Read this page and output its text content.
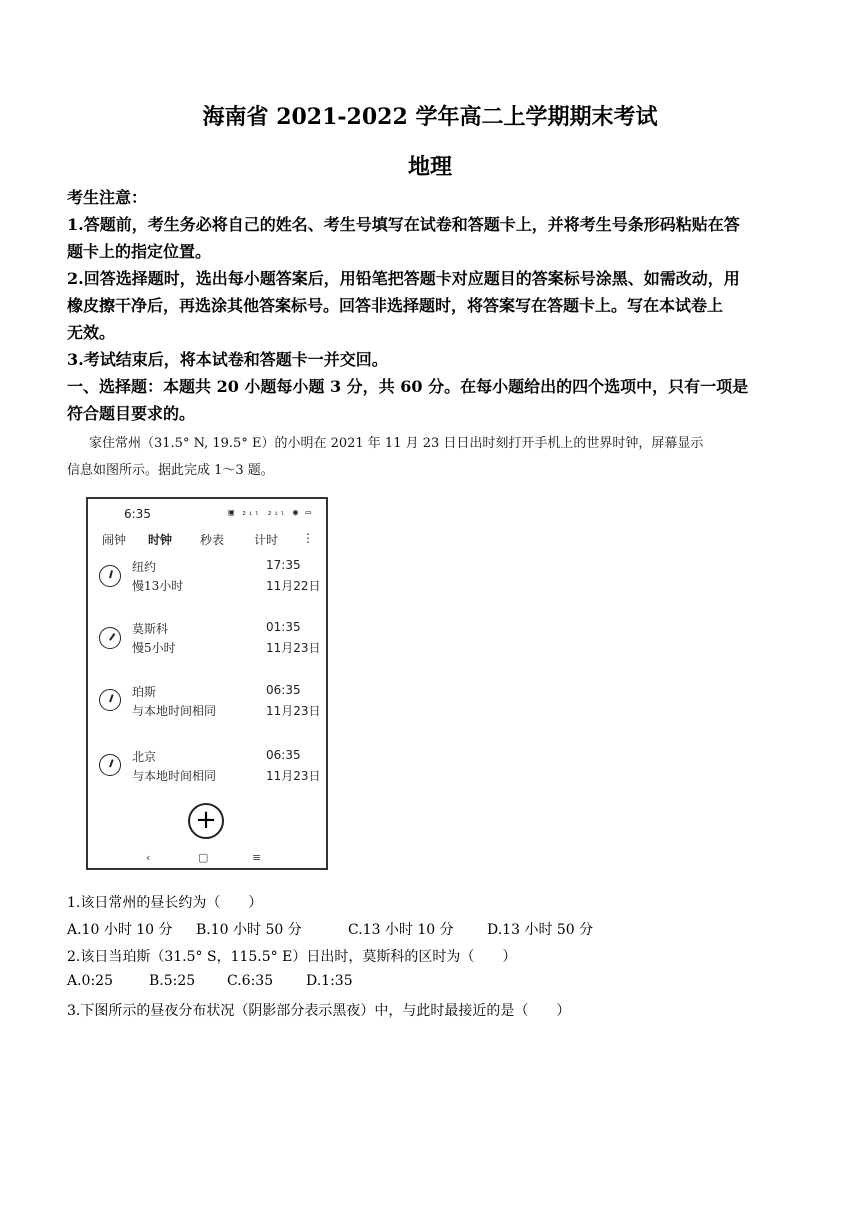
海南省 2021-2022 学年高二上学期期末考试
地理
考生注意：
1.答题前，考生务必将自己的姓名、考生号填写在试卷和答题卡上，并将考生号条形码粘贴在答
题卡上的指定位置。
2.回答选择题时，选出每小题答案后，用铅笔把答题卡对应题目的答案标号涂黑、如需改动，用
橡皮擦干净后，再选涂其他答案标号。回答非选择题时，将答案写在答题卡上。写在本试卷上
无效。
3.考试结束后，将本试卷和答题卡一并交回。
一、选择题：本题共 20 小题每小题 3 分，共 60 分。在每小题给出的四个选项中，只有一项是
符合题目要求的。
家住常州（31.5° N, 19.5° E）的小明在 2021 年 11 月 23 日日出时刻打开手机上的世界时钟，屏幕显示
信息如图所示。据此完成 1～3 题。
6:35	▣ ₂ᵢₗ ₂ᵢₗ ◉ ▭
闹钟 时钟 秒表 计时 ⋮
纽约
慢13小时
17:35
11月22日
莫斯科
慢5小时
01:35
11月23日
珀斯
与本地时间相同
06:35
11月23日
北京
与本地时间相同
06:35
11月23日
+
‹	▢	≡
1.该日常州的昼长约为（　　）
A.10 小时 10 分 B.10 小时 50 分	C.13 小时 10 分 D.13 小时 50 分
2.该日当珀斯（31.5° S，115.5° E）日出时，莫斯科的区时为（　　）
A.0:25	B.5:25 C.6:35 D.1:35
3.下图所示的昼夜分布状况（阴影部分表示黑夜）中，与此时最接近的是（　　）
